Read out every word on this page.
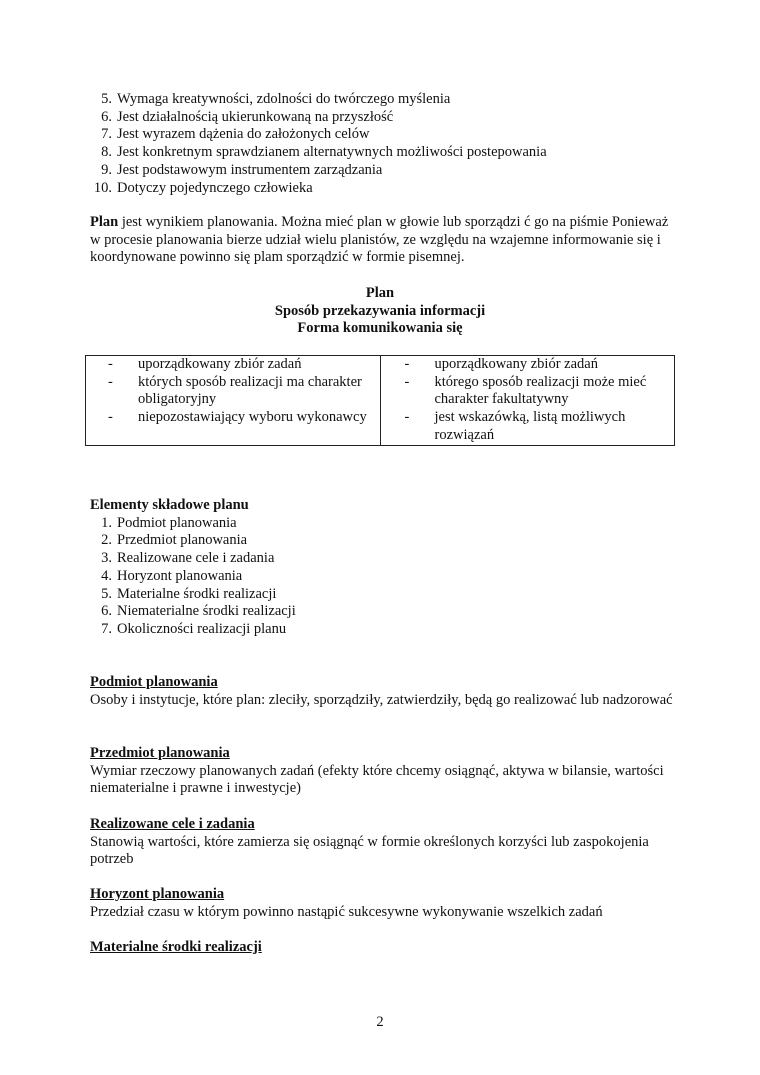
5. Wymaga kreatywności, zdolności do twórczego myślenia
6. Jest działalnością ukierunkowaną na przyszłość
7. Jest wyrazem dążenia do założonych celów
8. Jest konkretnym sprawdzianem alternatywnych możliwości postepowania
9. Jest podstawowym instrumentem zarządzania
10. Dotyczy pojedynczego człowieka

Plan jest wynikiem planowania. Można mieć plan w głowie lub sporządzi ć go na piśmie Ponieważ w procesie planowania bierze udział wielu planistów, ze względu na wzajemne informowanie się i koordynowane powinno się plam sporządzić w formie pisemnej.

Plan
Sposób przekazywania informacji
Forma komunikowania się
-	uporządkowany zbiór zadań
-	których sposób realizacji ma charakter obligatoryjny
-	niepozostawiający wyboru wykonawcy

-	uporządkowany zbiór zadań
-	którego sposób realizacji może mieć charakter fakultatywny
-	jest wskazówką, listą możliwych rozwiązań
Elementy składowe planu
1. Podmiot planowania
2. Przedmiot planowania
3. Realizowane cele i zadania
4. Horyzont planowania
5. Materialne środki realizacji
6. Niematerialne środki realizacji
7. Okoliczności realizacji planu
Podmiot planowania
Osoby i instytucje, które plan: zleciły, sporządziły, zatwierdziły, będą go realizować lub nadzorować
Przedmiot planowania
Wymiar rzeczowy planowanych zadań (efekty które chcemy osiągnąć, aktywa w bilansie, wartości niematerialne i prawne i inwestycje)
Realizowane cele i zadania
Stanowią wartości, które zamierza się osiągnąć w formie określonych korzyści lub zaspokojenia potrzeb
Horyzont planowania
Przedział czasu w którym powinno nastąpić sukcesywne wykonywanie wszelkich zadań
Materialne środki realizacji
2
